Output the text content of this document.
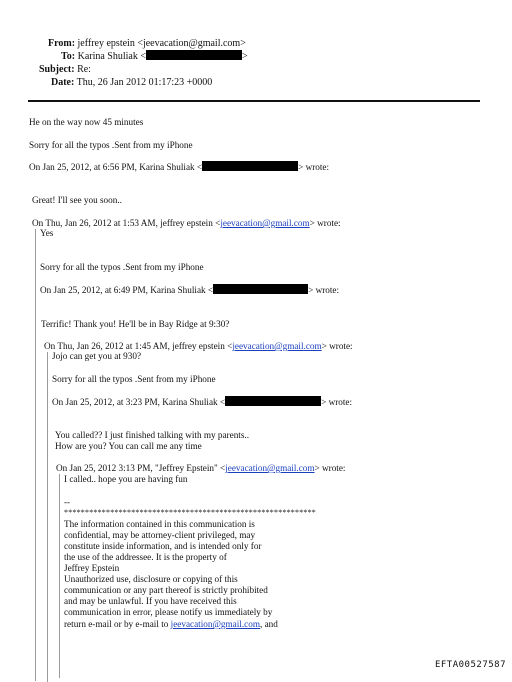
From: jeffrey epstein <jeevacation@gmail.com>
To: Karina Shuliak <	>
Subject: Re:
Date: Thu, 26 Jan 2012 01:17:23 +0000
He on the way now 45 minutes
Sorry for all the typos .Sent from my iPhone
On Jan 25, 2012, at 6:56 PM, Karina Shuliak <	> wrote:
Great! I'll see you soon..
On Thu, Jan 26, 2012 at 1:53 AM, jeffrey epstein <jeevacation@gmail.com> wrote:
Yes
Sorry for all the typos .Sent from my iPhone
On Jan 25, 2012, at 6:49 PM, Karina Shuliak <	> wrote:
Terrific! Thank you! He'll be in Bay Ridge at 9:30?
On Thu, Jan 26, 2012 at 1:45 AM, jeffrey epstein <jeevacation@gmail.com> wrote:
Jojo can get you at 930?
Sorry for all the typos .Sent from my iPhone
On Jan 25, 2012, at 3:23 PM, Karina Shuliak <	> wrote:
You called?? I just finished talking with my parents..
How are you? You can call me any time
On Jan 25, 2012 3:13 PM, "Jeffrey Epstein" <jeevacation@gmail.com> wrote:
I called.. hope you are having fun
--
************************************************************
The information contained in this communication is
confidential, may be attorney-client privileged, may
constitute inside information, and is intended only for
the use of the addressee. It is the property of
Jeffrey Epstein
Unauthorized use, disclosure or copying of this
communication or any part thereof is strictly prohibited
and may be unlawful. If you have received this
communication in error, please notify us immediately by
return e-mail or by e-mail to jeevacation@gmail.com, and
EFTA00527587
